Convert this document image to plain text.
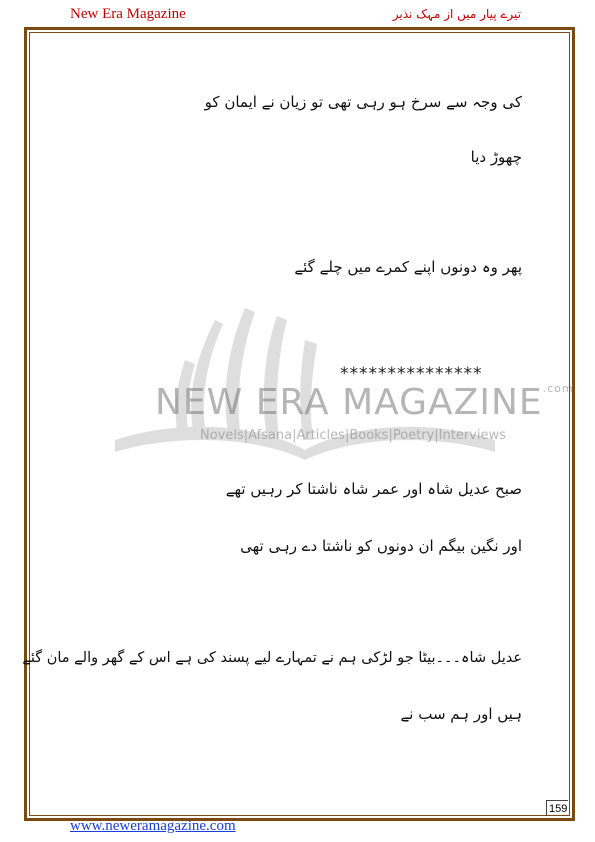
New Era Magazine	تیرے پیار میں از مہک نذیر
NEW ERA $MAGAZINE^{.com}$
Novels|Afsana|Articles|Books|Poetry|Interviews
کی وجہ سے سرخ ہو رہی تھی تو زیان نے ایمان کو
چھوڑ دیا
پھر وہ دونوں اپنے کمرے میں چلے گئے
***************
صبح عدیل شاہ اور عمر شاہ ناشتا کر رہیں تھے
اور نگین بیگم ان دونوں کو ناشتا دے رہی تھی
عدیل شاہ۔۔۔بیٹا جو لڑکی ہم نے تمہارے لیے پسند کی ہے اس کے گھر والے مان گئے
ہیں اور ہم سب نے
159
www.neweramagazine.com
